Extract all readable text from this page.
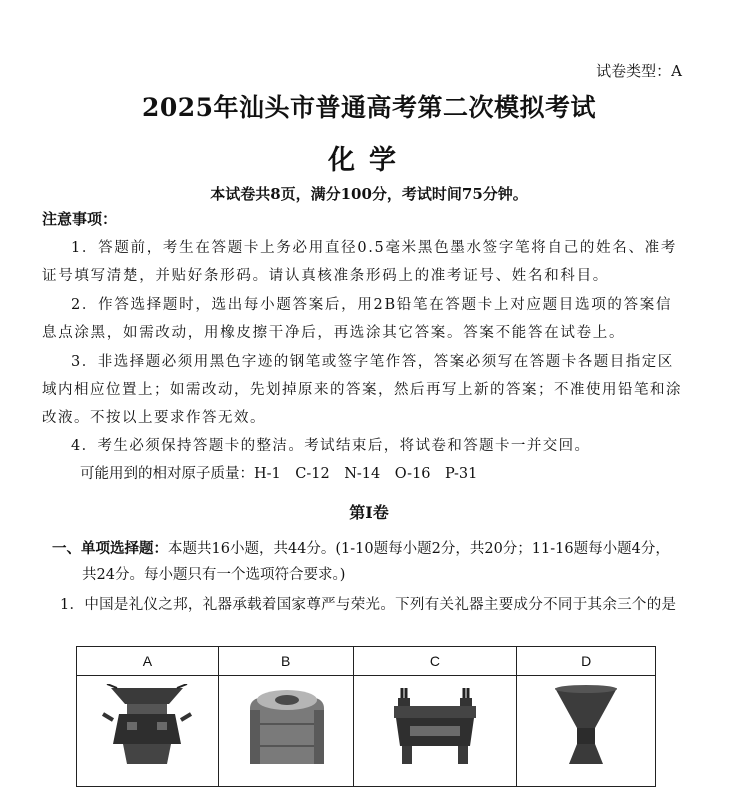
试卷类型：A
2025年汕头市普通高考第二次模拟考试
化学
本试卷共8页，满分100分，考试时间75分钟。
注意事项：
1．答题前，考生在答题卡上务必用直径0.5毫米黑色墨水签字笔将自己的姓名、准考证号填写清楚，并贴好条形码。请认真核准条形码上的准考证号、姓名和科目。
2．作答选择题时，选出每小题答案后，用2B铅笔在答题卡上对应题目选项的答案信息点涂黑，如需改动，用橡皮擦干净后，再选涂其它答案。答案不能答在试卷上。
3．非选择题必须用黑色字迹的钢笔或签字笔作答，答案必须写在答题卡各题目指定区域内相应位置上；如需改动，先划掉原来的答案，然后再写上新的答案；不准使用铅笔和涂改液。不按以上要求作答无效。
4．考生必须保持答题卡的整洁。考试结束后，将试卷和答题卡一并交回。
可能用到的相对原子质量：H-1　C-12　N-14　O-16　P-31
第Ⅰ卷
一、单项选择题：本题共16小题，共44分。(1-10题每小题2分，共20分；11-16题每小题4分，共24分。每小题只有一个选项符合要求。)
1．中国是礼仪之邦，礼器承载着国家尊严与荣光。下列有关礼器主要成分不同于其余三个的是
A	B	C	D
